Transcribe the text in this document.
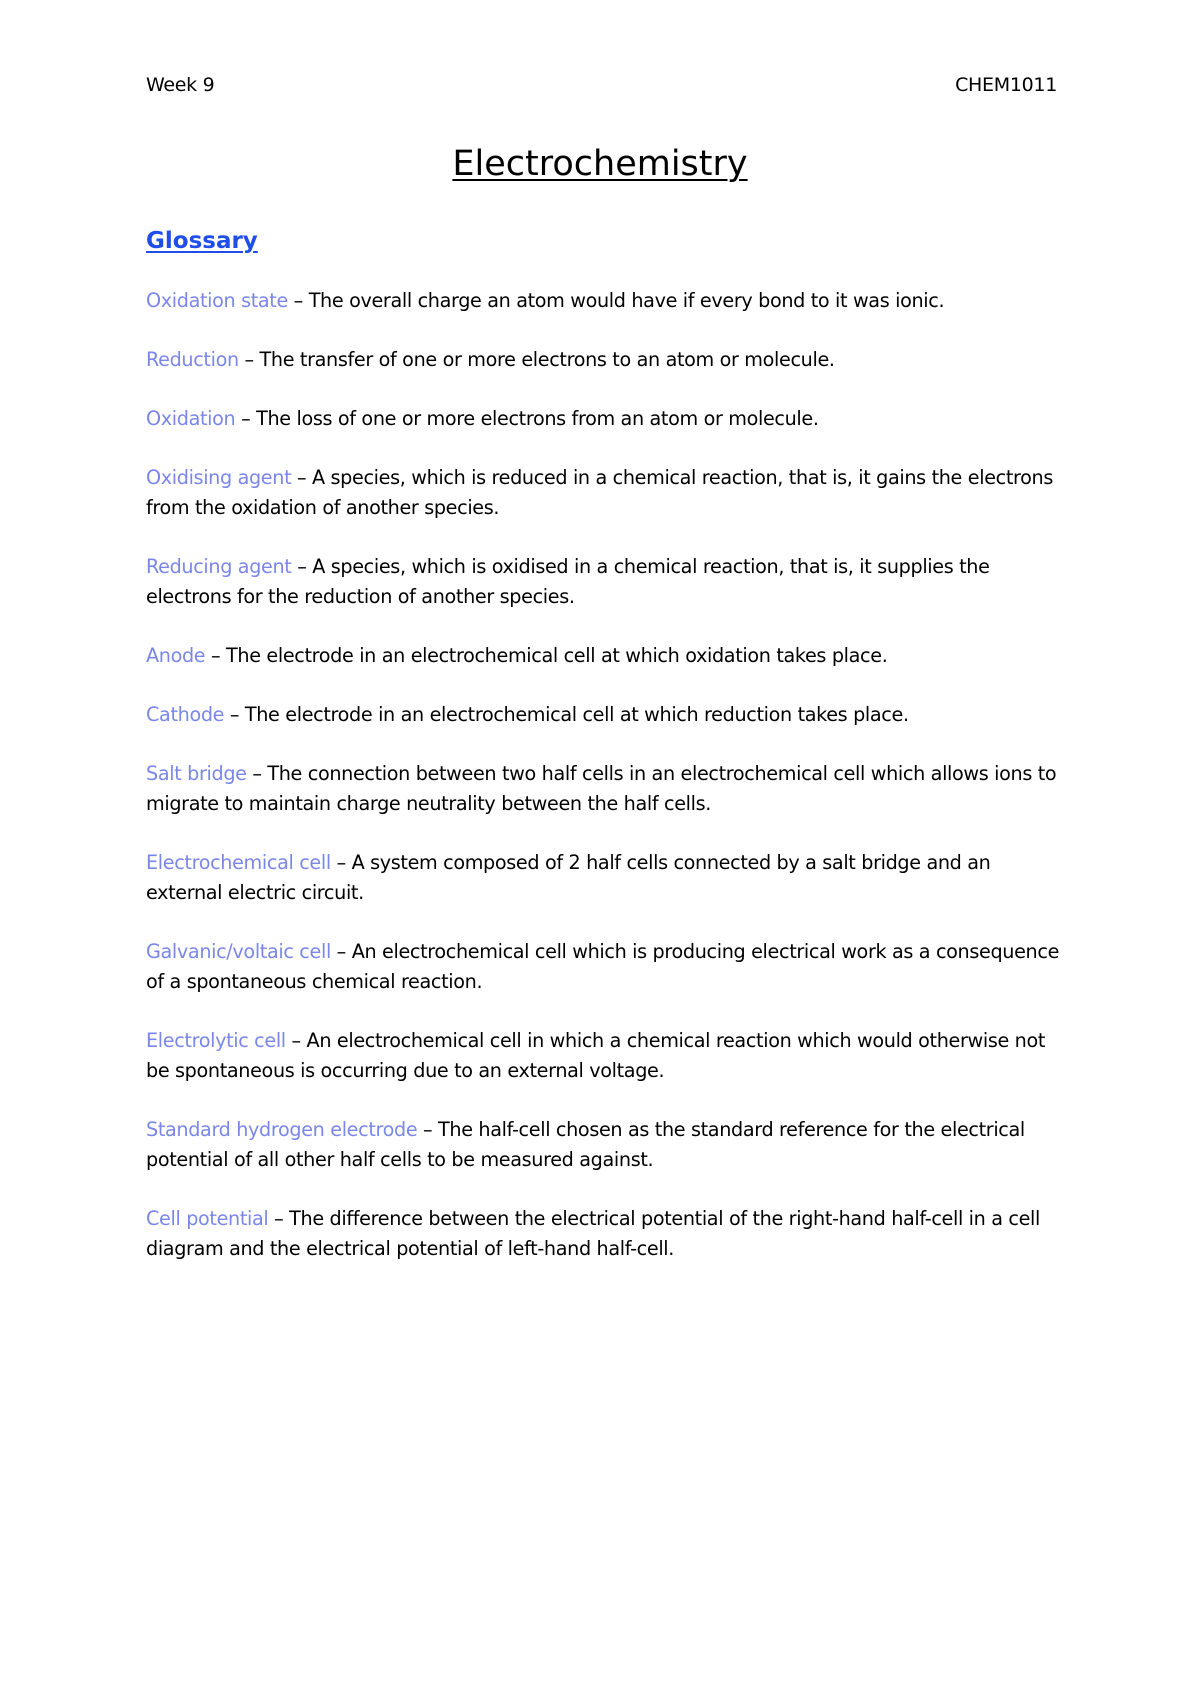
Week 9	CHEM1011
Electrochemistry
Glossary
Oxidation state – The overall charge an atom would have if every bond to it was ionic.
Reduction – The transfer of one or more electrons to an atom or molecule.
Oxidation – The loss of one or more electrons from an atom or molecule.
Oxidising agent – A species, which is reduced in a chemical reaction, that is, it gains the electrons from the oxidation of another species.
Reducing agent – A species, which is oxidised in a chemical reaction, that is, it supplies the electrons for the reduction of another species.
Anode – The electrode in an electrochemical cell at which oxidation takes place.
Cathode – The electrode in an electrochemical cell at which reduction takes place.
Salt bridge – The connection between two half cells in an electrochemical cell which allows ions to migrate to maintain charge neutrality between the half cells.
Electrochemical cell – A system composed of 2 half cells connected by a salt bridge and an external electric circuit.
Galvanic/voltaic cell – An electrochemical cell which is producing electrical work as a consequence of a spontaneous chemical reaction.
Electrolytic cell – An electrochemical cell in which a chemical reaction which would otherwise not be spontaneous is occurring due to an external voltage.
Standard hydrogen electrode – The half-cell chosen as the standard reference for the electrical potential of all other half cells to be measured against.
Cell potential – The difference between the electrical potential of the right-hand half-cell in a cell diagram and the electrical potential of left-hand half-cell.
